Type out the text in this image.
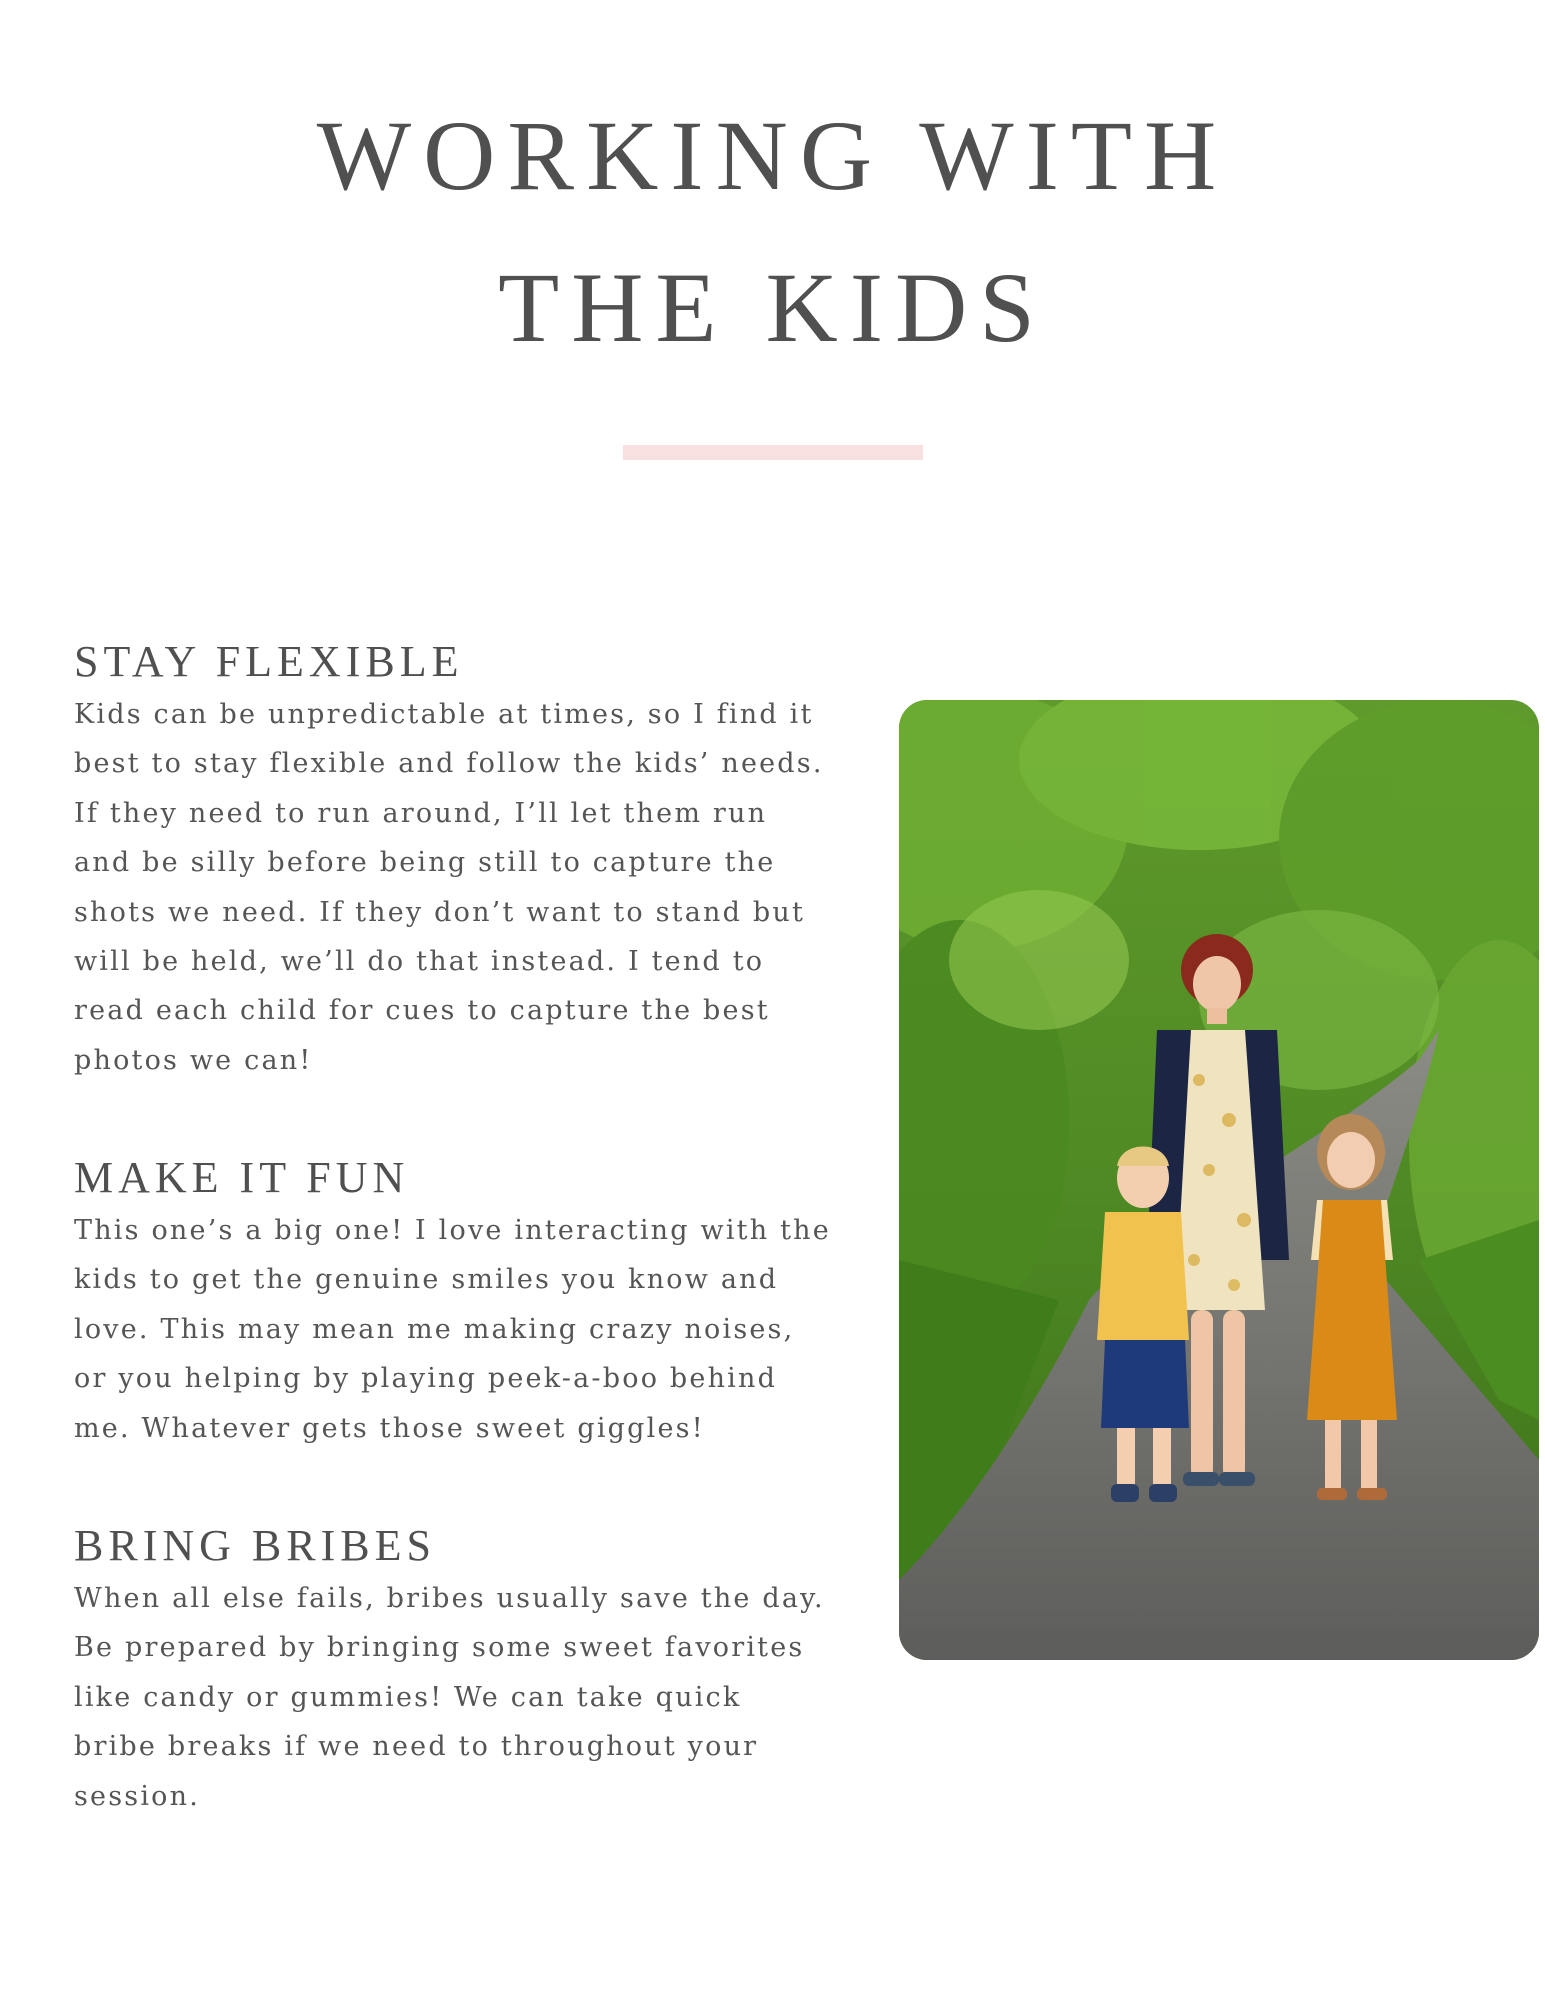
WORKING WITH
THE KIDS
STAY FLEXIBLE

Kids can be unpredictable at times, so I find it
best to stay flexible and follow the kids’ needs.
If they need to run around, I’ll let them run
and be silly before being still to capture the
shots we need. If they don’t want to stand but
will be held, we’ll do that instead. I tend to
read each child for cues to capture the best
photos we can!

MAKE IT FUN

This one’s a big one! I love interacting with the
kids to get the genuine smiles you know and
love. This may mean me making crazy noises,
or you helping by playing peek-a-boo behind
me. Whatever gets those sweet giggles!

BRING BRIBES

When all else fails, bribes usually save the day.
Be prepared by bringing some sweet favorites
like candy or gummies! We can take quick
bribe breaks if we need to throughout your
session.
